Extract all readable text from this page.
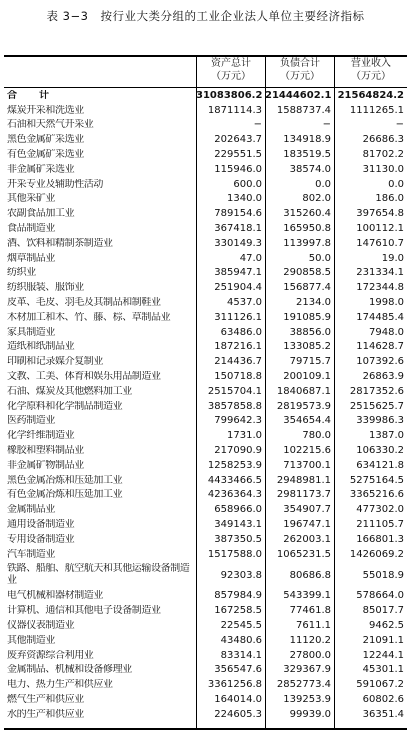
表 3−3　按行业大类分组的工业企业法人单位主要经济指标
资产总计
（万元）
负债合计
（万元）
营业收入
（万元）
合　计	31083806.2 21444602.1 21564824.2
煤炭开采和洗选业	1871114.3	1588737.4	1111265.1
石油和天然气开采业	−	−	−
黑色金属矿采选业	202643.7	134918.9	26686.3
有色金属矿采选业	229551.5	183519.5	81702.2
非金属矿采选业	115946.0	38574.0	31130.0
开采专业及辅助性活动	600.0	0.0	0.0
其他采矿业	1340.0	802.0	186.0
农副食品加工业	789154.6	315260.4	397654.8
食品制造业	367418.1	165950.8	100112.1
酒、饮料和精制茶制造业	330149.3	113997.8	147610.7
烟草制品业	47.0	50.0	19.0
纺织业	385947.1	290858.5	231334.1
纺织服装、服饰业	251904.4	156877.4	172344.8
皮革、毛皮、羽毛及其制品和制鞋业	4537.0	2134.0	1998.0
木材加工和木、竹、藤、棕、草制品业	311126.1	191085.9	174485.4
家具制造业	63486.0	38856.0	7948.0
造纸和纸制品业	187216.1	133085.2	114628.7
印刷和记录媒介复制业	214436.7	79715.7	107392.6
文教、工美、体育和娱乐用品制造业	150718.8	200109.1	26863.9
石油、煤炭及其他燃料加工业	2515704.1	1840687.1	2817352.6
化学原料和化学制品制造业	3857858.8	2819573.9	2515625.7
医药制造业	799642.3	354654.4	339986.3
化学纤维制造业	1731.0	780.0	1387.0
橡胶和塑料制品业	217090.9	102215.6	106330.2
非金属矿物制品业	1258253.9	713700.1	634121.8
黑色金属冶炼和压延加工业	4433466.5	2948981.1	5275164.5
有色金属冶炼和压延加工业	4236364.3	2981173.7	3365216.6
金属制品业	658966.0	354907.7	477302.0
通用设备制造业	349143.1	196747.1	211105.7
专用设备制造业	387350.5	262003.1	166801.3
汽车制造业	1517588.0	1065231.5	1426069.2
铁路、船舶、航空航天和其他运输设备制造业	92303.8	80686.8	55018.9
电气机械和器材制造业	857984.9	543399.1	578664.0
计算机、通信和其他电子设备制造业	167258.5	77461.8	85017.7
仪器仪表制造业	22545.5	7611.1	9462.5
其他制造业	43480.6	11120.2	21091.1
废弃资源综合利用业	83314.1	27800.0	12244.1
金属制品、机械和设备修理业	356547.6	329367.9	45301.1
电力、热力生产和供应业	3361256.8	2852773.4	591067.2
燃气生产和供应业	164014.0	139253.9	60802.6
水的生产和供应业	224605.3	99939.0	36351.4
